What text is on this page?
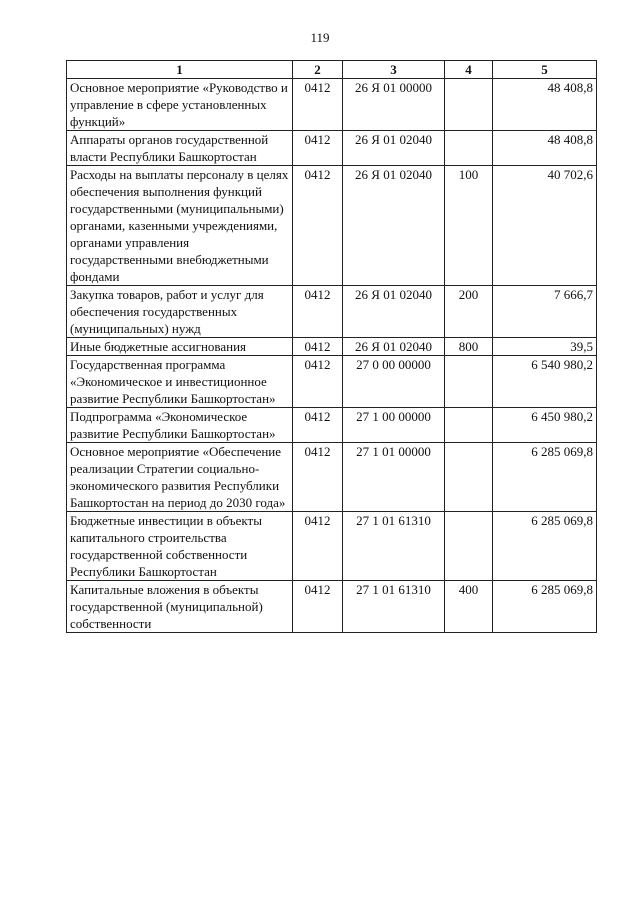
119
1	2	3	4	5
Основное мероприятие «Руководство и управление в сфере установленных функций»	0412	26 Я 01 00000		48 408,8
Аппараты органов государственной власти Республики Башкортостан	0412	26 Я 01 02040		48 408,8
Расходы на выплаты персоналу в целях обеспечения выполнения функций государственными (муниципальными) органами, казенными учреждениями, органами управления государственными внебюджетными фондами	0412	26 Я 01 02040	100	40 702,6
Закупка товаров, работ и услуг для обеспечения государственных (муниципальных) нужд	0412	26 Я 01 02040	200	7 666,7
Иные бюджетные ассигнования	0412	26 Я 01 02040	800	39,5
Государственная программа «Экономическое и инвестиционное развитие Республики Башкортостан»	0412	27 0 00 00000		6 540 980,2
Подпрограмма «Экономическое развитие Республики Башкортостан»	0412	27 1 00 00000		6 450 980,2
Основное мероприятие «Обеспечение реализации Стратегии социально-экономического развития Республики Башкортостан на период до 2030 года»	0412	27 1 01 00000		6 285 069,8
Бюджетные инвестиции в объекты капитального строительства государственной собственности Республики Башкортостан	0412	27 1 01 61310		6 285 069,8
Капитальные вложения в объекты государственной (муниципальной) собственности	0412	27 1 01 61310	400	6 285 069,8
